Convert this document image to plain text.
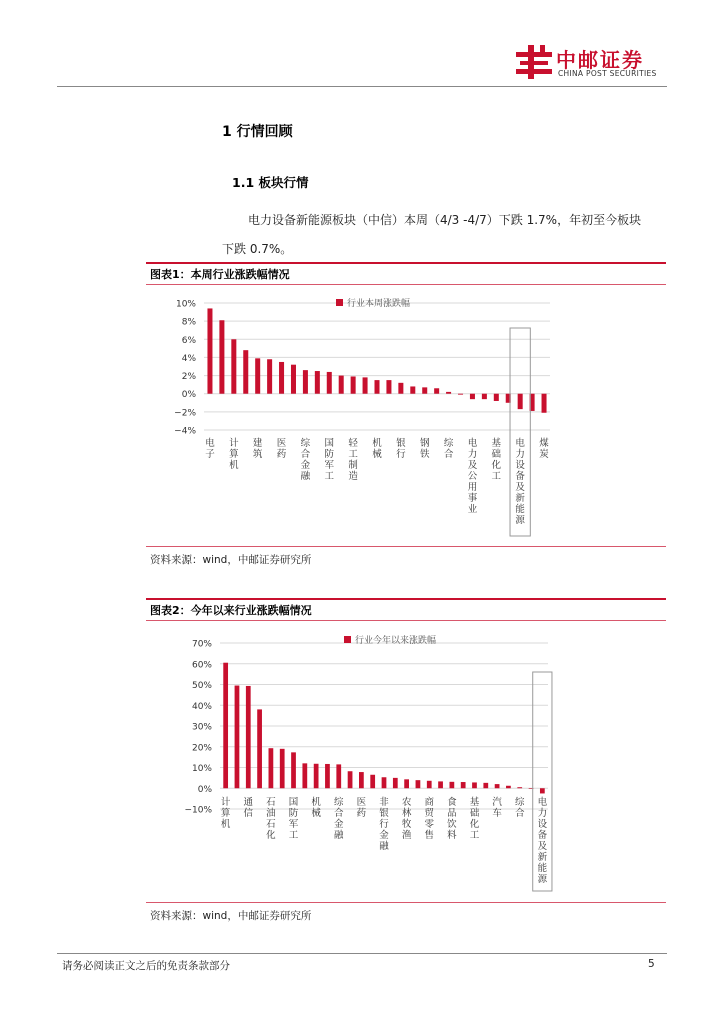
中邮证券
CHINA POST SECURITIES
1 行情回顾
1.1 板块行情
电力设备新能源板块（中信）本周（4/3 -4/7）下跌 1.7%，年初至今板块
下跌 0.7%。
图表1：本周行业涨跌幅情况
−4%
−2%
0%
2%
4%
6%
8%
10%	行业本周涨跌幅
电子
计算机
建筑
医药
综合金融
国防军工
轻工制造
机械
银行
钢铁
综合
电力及公用事业
基础化工
电力设备及新能源
煤炭
资料来源：wind，中邮证券研究所
图表2：今年以来行业涨跌幅情况
−10%
0%
10%
20%
30%
40%
50%
60%
70%	行业今年以来涨跌幅
计算机
通信
石油石化
国防军工
机械
综合金融
医药
非银行金融
农林牧渔
商贸零售
食品饮料
基础化工
汽车
综合
电力设备及新能源
资料来源：wind，中邮证券研究所
请务必阅读正文之后的免责条款部分	5
